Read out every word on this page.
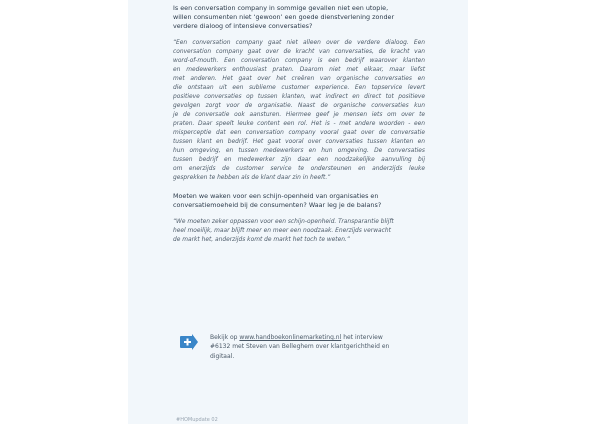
Is een conversation company in sommige gevallen niet een utopie,
willen consumenten niet ‘gewoon’ een goede dienstverlening zonder
verdere dialoog of intensieve conversaties?
“Een conversation company gaat niet alleen over de verdere dialoog. Een
conversation company gaat over de kracht van conversaties, de kracht van
word-of-mouth. Een conversation company is een bedrijf waarover klanten
en medewerkers enthousiast praten. Daarom niet met elkaar, maar liefst
met anderen. Het gaat over het creëren van organische conversaties en
die ontstaan uit een sublieme customer experience. Een topservice levert
positieve conversaties op tussen klanten, wat indirect en direct tot positieve
gevolgen zorgt voor de organisatie. Naast de organische conversaties kun
je de conversatie ook aansturen. Hiermee geef je mensen iets om over te
praten. Daar speelt leuke content een rol. Het is - met andere woorden - een
misperceptie dat een conversation company vooral gaat over de conversatie
tussen klant en bedrijf. Het gaat vooral over conversaties tussen klanten en
hun omgeving, en tussen medewerkers en hun omgeving. De conversaties
tussen bedrijf en medewerker zijn daar een noodzakelijke aanvulling bij
om enerzijds de customer service te ondersteunen en anderzijds leuke
gesprekken te hebben als de klant daar zin in heeft.”
Moeten we waken voor een schijn-openheid van organisaties en
conversatiemoeheid bij de consumenten? Waar leg je de balans?
“We moeten zeker oppassen voor een schijn-openheid. Transparantie blijft
heel moeilijk, maar blijft meer en meer een noodzaak. Enerzijds verwacht
de markt het, anderzijds komt de markt het toch te weten.”
Bekijk op www.handboekonlinemarketing.nl het interview
#6132 met Steven van Belleghem over klantgerichtheid en
digitaal.
#HOMupdate 02
